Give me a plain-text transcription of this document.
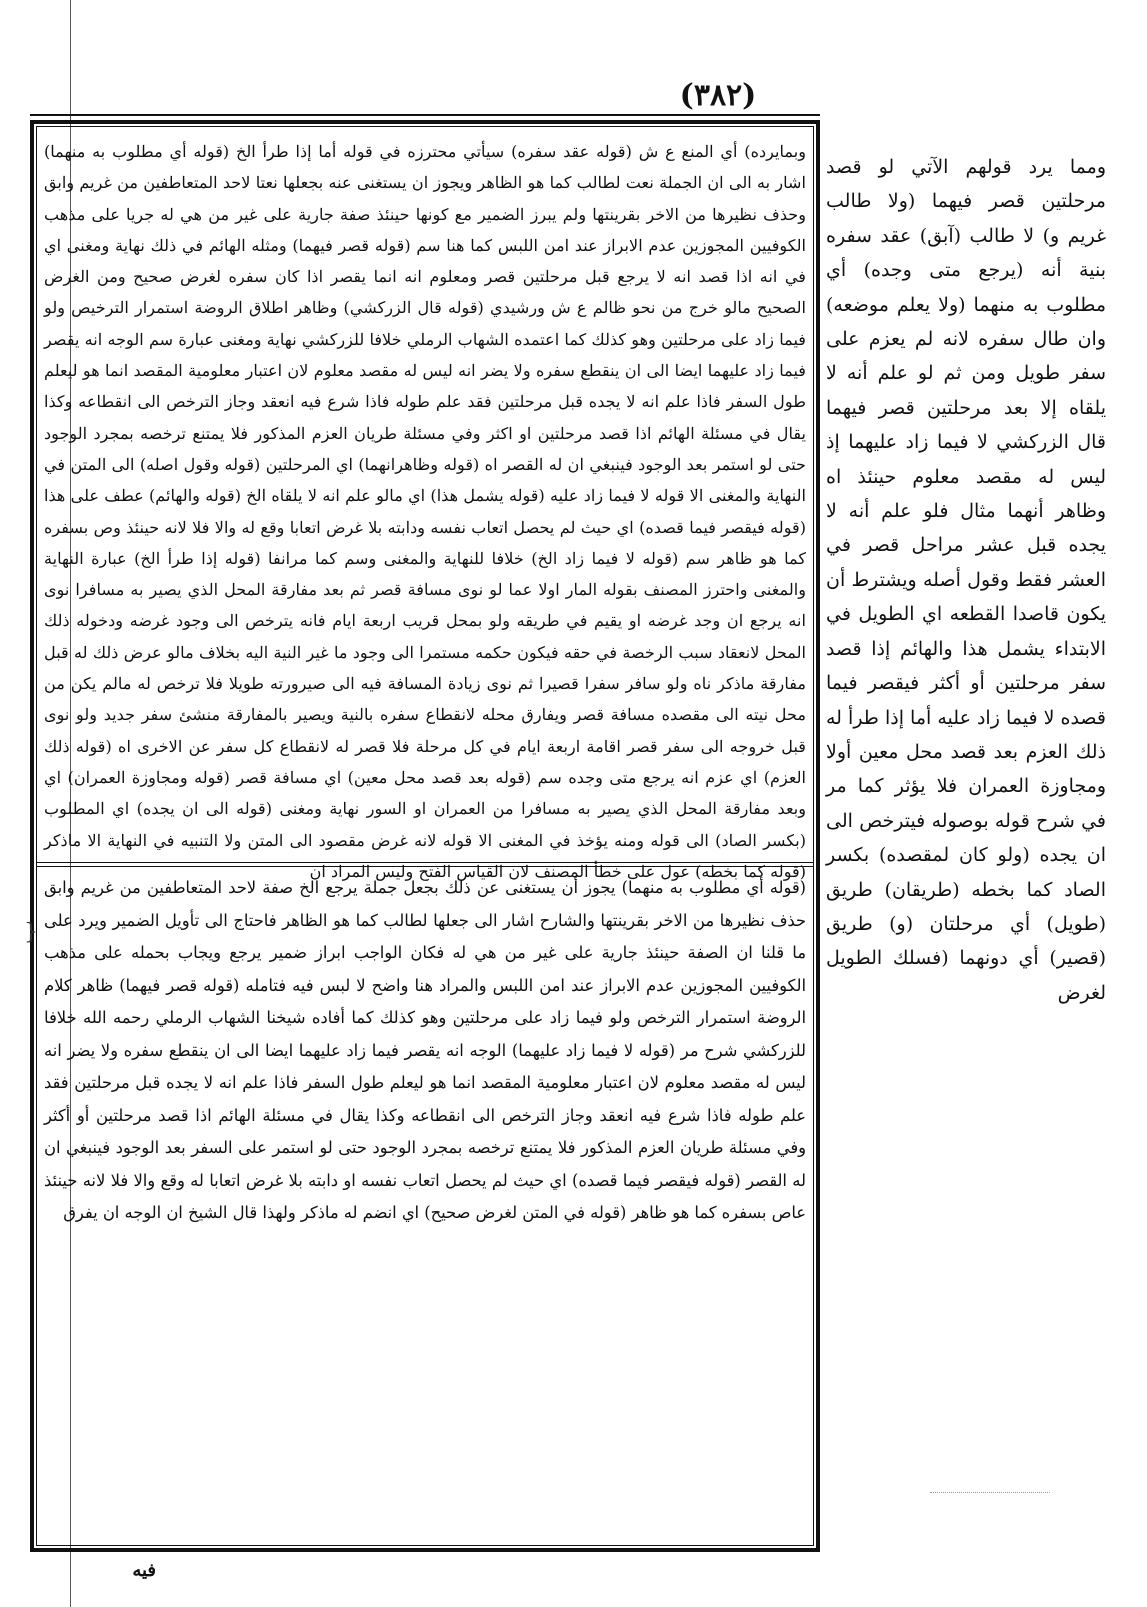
(٣٨٢)

وبمايرده) أي المنع ع ش (قوله عقد سفره) سيأتي محترزه في قوله أما إذا طرأ الخ (قوله أي مطلوب به منهما) اشار به الى ان الجملة نعت لطالب كما هو الظاهر ويجوز ان يستغنى عنه بجعلها نعتا لاحد المتعاطفين من غريم وابق وحذف نظيرها من الاخر بقرينتها ولم يبرز الضمير مع كونها حينئذ صفة جارية على غير من هي له جريا على مذهب الكوفيين المجوزين عدم الابراز عند امن اللبس كما هنا سم (قوله قصر فيهما) ومثله الهائم في ذلك نهاية ومغنى اي في انه اذا قصد انه لا يرجع قبل مرحلتين قصر ومعلوم انه انما يقصر اذا كان سفره لغرض صحيح ومن الغرض الصحيح مالو خرج من نحو ظالم ع ش ورشيدي (قوله قال الزركشي) وظاهر اطلاق الروضة استمرار الترخيص ولو فيما زاد على مرحلتين وهو كذلك كما اعتمده الشهاب الرملي خلافا للزركشي نهاية ومغنى عبارة سم الوجه انه يقصر فيما زاد عليهما ايضا الى ان ينقطع سفره ولا يضر انه ليس له مقصد معلوم لان اعتبار معلومية المقصد انما هو ليعلم طول السفر فاذا علم انه لا يجده قبل مرحلتين فقد علم طوله فاذا شرع فيه انعقد وجاز الترخص الى انقطاعه وكذا يقال في مسئلة الهائم اذا قصد مرحلتين او اكثر وفي مسئلة طريان العزم المذكور فلا يمتنع ترخصه بمجرد الوجود حتى لو استمر بعد الوجود فينبغي ان له القصر اه (قوله وظاهرانهما) اي المرحلتين (قوله وقول اصله) الى المتن في النهاية والمغنى الا قوله لا فيما زاد عليه (قوله يشمل هذا) اي مالو علم انه لا يلقاه الخ (قوله والهائم) عطف على هذا (قوله فيقصر فيما قصده) اي حيث لم يحصل اتعاب نفسه ودابته بلا غرض اتعابا وقع له والا فلا لانه حينئذ وص بسفره كما هو ظاهر سم (قوله لا فيما زاد الخ) خلافا للنهاية والمغنى وسم كما مرانفا (قوله إذا طرأ الخ) عبارة النهاية والمغنى واحترز المصنف بقوله المار اولا عما لو نوى مسافة قصر ثم بعد مفارقة المحل الذي يصير به مسافرا نوى انه يرجع ان وجد غرضه او يقيم في طريقه ولو بمحل قريب اربعة ايام فانه يترخص الى وجود غرضه ودخوله ذلك المحل لانعقاد سبب الرخصة في حقه فيكون حكمه مستمرا الى وجود ما غير النية اليه بخلاف مالو عرض ذلك له قبل مفارقة ماذكر ناه ولو سافر سفرا قصيرا ثم نوى زيادة المسافة فيه الى صيرورته طويلا فلا ترخص له مالم يكن من محل نيته الى مقصده مسافة قصر ويفارق محله لانقطاع سفره بالنية ويصير بالمفارقة منشئ سفر جديد ولو نوى قبل خروجه الى سفر قصر اقامة اربعة ايام في كل مرحلة فلا قصر له لانقطاع كل سفر عن الاخرى اه (قوله ذلك العزم) اي عزم انه يرجع متى وجده سم (قوله بعد قصد محل معين) اي مسافة قصر (قوله ومجاوزة العمران) اي وبعد مفارقة المحل الذي يصير به مسافرا من العمران او السور نهاية ومغنى (قوله الى ان يجده) اي المطلوب (بكسر الصاد) الى قوله ومنه يؤخذ في المغنى الا قوله لانه غرض مقصود الى المتن ولا التنبيه في النهاية الا ماذكر (قوله كما بخطه) عول على خطأ المصنف لان القياس الفتح وليس المراد ان

(قوله أي مطلوب به منهما) يجوز أن يستغنى عن ذلك بجعل جملة يرجع الخ صفة لاحد المتعاطفين من غريم وابق حذف نظيرها من الاخر بقرينتها والشارح اشار الى جعلها لطالب كما هو الظاهر فاحتاج الى تأويل الضمير ويرد على ما قلنا ان الصفة حينئذ جارية على غير من هي له فكان الواجب ابراز ضمير يرجع ويجاب بحمله على مذهب الكوفيين المجوزين عدم الابراز عند امن اللبس والمراد هنا واضح لا لبس فيه فتامله (قوله قصر فيهما) ظاهر كلام الروضة استمرار الترخص ولو فيما زاد على مرحلتين وهو كذلك كما أفاده شيخنا الشهاب الرملي رحمه الله خلافا للزركشي شرح مر (قوله لا فيما زاد عليهما) الوجه انه يقصر فيما زاد عليهما ايضا الى ان ينقطع سفره ولا يضر انه ليس له مقصد معلوم لان اعتبار معلومية المقصد انما هو ليعلم طول السفر فاذا علم انه لا يجده قبل مرحلتين فقد علم طوله فاذا شرع فيه انعقد وجاز الترخص الى انقطاعه وكذا يقال في مسئلة الهائم اذا قصد مرحلتين أو أكثر وفي مسئلة طريان العزم المذكور فلا يمتنع ترخصه بمجرد الوجود حتى لو استمر على السفر بعد الوجود فينبغي ان له القصر (قوله فيقصر فيما قصده) اي حيث لم يحصل اتعاب نفسه او دابته بلا غرض اتعابا له وقع والا فلا لانه حينئذ عاص بسفره كما هو ظاهر (قوله في المتن لغرض صحيح) اي انضم له ماذكر ولهذا قال الشيخ ان الوجه ان يفرق

ومما يرد قولهم الآتي لو قصد مرحلتين قصر فيهما (ولا طالب غريم و) لا طالب (آبق) عقد سفره بنية أنه (يرجع متى وجده) أي مطلوب به منهما (ولا يعلم موضعه) وان طال سفره لانه لم يعزم على سفر طويل ومن ثم لو علم أنه لا يلقاه إلا بعد مرحلتين قصر فيهما قال الزركشي لا فيما زاد عليهما إذ ليس له مقصد معلوم حينئذ اه وظاهر أنهما مثال فلو علم أنه لا يجده قبل عشر مراحل قصر في العشر فقط وقول أصله ويشترط أن يكون قاصدا القطعه اي الطويل في الابتداء يشمل هذا والهائم إذا قصد سفر مرحلتين أو أكثر فيقصر فيما قصده لا فيما زاد عليه أما إذا طرأ له ذلك العزم بعد قصد محل معين أولا ومجاوزة العمران فلا يؤثر كما مر في شرح قوله بوصوله فيترخص الى ان يجده (ولو كان لمقصده) بكسر الصاد كما بخطه (طريقان) طريق (طويل) أي مرحلتان (و) طريق (قصير) أي دونهما (فسلك الطويل لغرض

}
فيه
